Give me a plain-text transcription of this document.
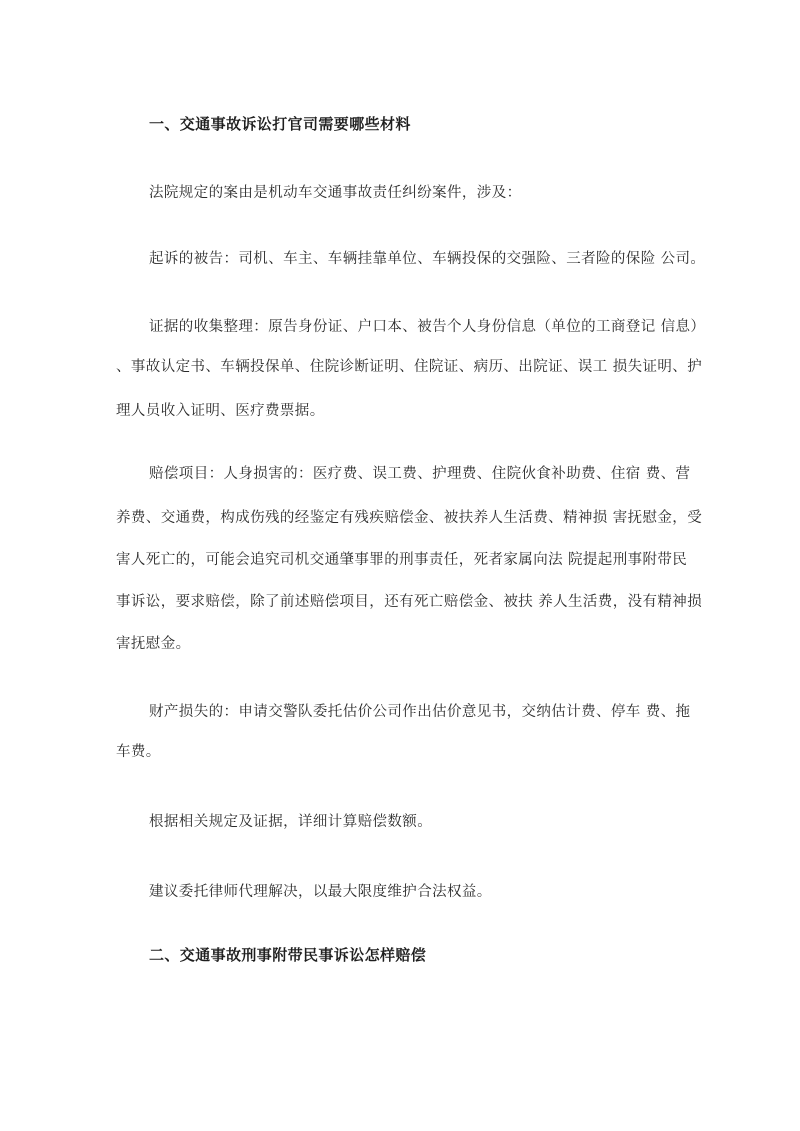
一、交通事故诉讼打官司需要哪些材料
法院规定的案由是机动车交通事故责任纠纷案件，涉及：
起诉的被告：司机、车主、车辆挂靠单位、车辆投保的交强险、三者险的保险 公司。
证据的收集整理：原告身份证、户口本、被告个人身份信息（单位的工商登记 信息）
、事故认定书、车辆投保单、住院诊断证明、住院证、病历、出院证、误工 损失证明、护
理人员收入证明、医疗费票据。
赔偿项目：人身损害的：医疗费、误工费、护理费、住院伙食补助费、住宿 费、营
养费、交通费，构成伤残的经鉴定有残疾赔偿金、被扶养人生活费、精神损 害抚慰金，受
害人死亡的，可能会追究司机交通肇事罪的刑事责任，死者家属向法 院提起刑事附带民
事诉讼，要求赔偿，除了前述赔偿项目，还有死亡赔偿金、被扶 养人生活费，没有精神损
害抚慰金。
财产损失的：申请交警队委托估价公司作出估价意见书，交纳估计费、停车 费、拖
车费。
根据相关规定及证据，详细计算赔偿数额。
建议委托律师代理解决，以最大限度维护合法权益。
二、交通事故刑事附带民事诉讼怎样赔偿
